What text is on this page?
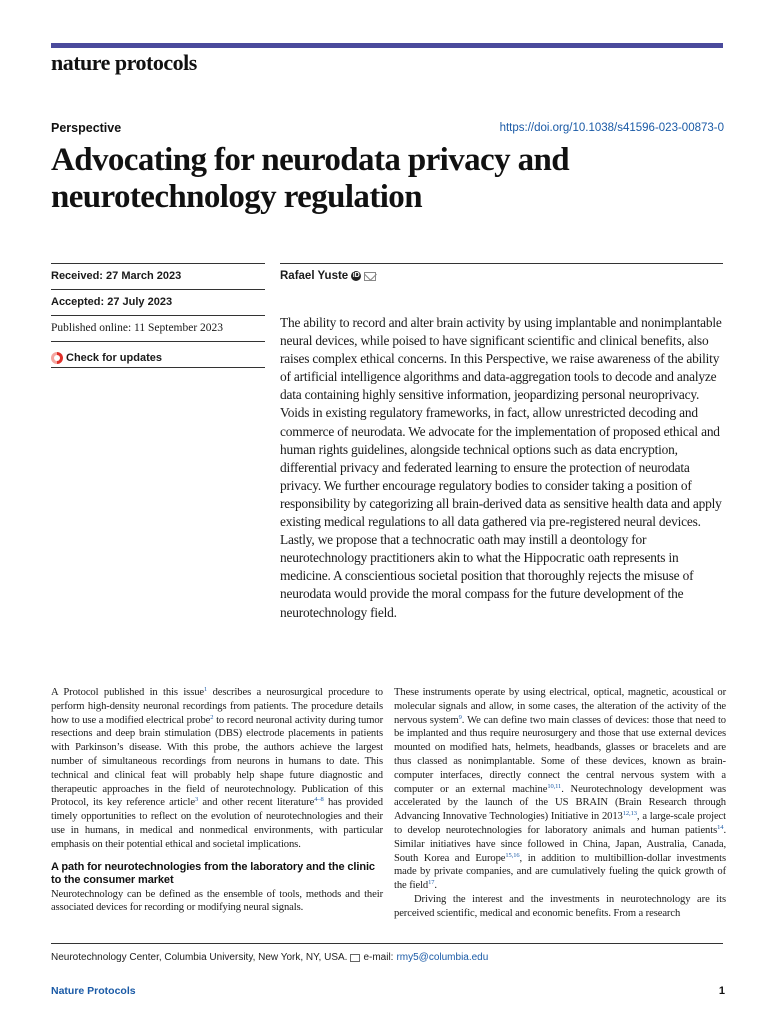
nature protocols
Perspective	https://doi.org/10.1038/s41596-023-00873-0
Advocating for neurodata privacy and neurotechnology regulation
Received: 27 March 2023
Accepted: 27 July 2023
Published online: 11 September 2023
Check for updates
Rafael Yuste iD

The ability to record and alter brain activity by using implantable and nonimplantable neural devices, while poised to have significant scientific and clinical benefits, also raises complex ethical concerns. In this Perspective, we raise awareness of the ability of artificial intelligence algorithms and data-aggregation tools to decode and analyze data containing highly sensitive information, jeopardizing personal neuroprivacy. Voids in existing regulatory frameworks, in fact, allow unrestricted decoding and commerce of neurodata. We advocate for the implementation of proposed ethical and human rights guidelines, alongside technical options such as data encryption, differential privacy and federated learning to ensure the protection of neurodata privacy. We further encourage regulatory bodies to consider taking a position of responsibility by categorizing all brain-derived data as sensitive health data and apply existing medical regulations to all data gathered via pre-registered neural devices. Lastly, we propose that a technocratic oath may instill a deontology for neurotechnology practitioners akin to what the Hippocratic oath represents in medicine. A conscientious societal position that thoroughly rejects the misuse of neurodata would provide the moral compass for the future development of the neurotechnology field.

A Protocol published in this issue$^1$ describes a neurosurgical procedure to perform high-density neuronal recordings from patients. The procedure details how to use a modified electrical probe$^2$ to record neuronal activity during tumor resections and deep brain stimulation (DBS) electrode placements in patients with Parkinson’s disease. With this probe, the authors achieve the largest number of simultaneous recordings from neurons in humans to date. This technical and clinical feat will probably help shape future diagnostic and therapeutic approaches in the field of neurotechnology. Publication of this Protocol, its key reference article$^3$ and other recent literature$^{4-8}$ has provided timely opportunities to reflect on the evolution of neurotechnologies and their use in humans, in medical and nonmedical environments, with particular emphasis on their potential ethical and societal implications.

A path for neurotechnologies from the laboratory and the clinic to the consumer market

Neurotechnology can be defined as the ensemble of tools, methods and their associated devices for recording or modifying neural signals.

These instruments operate by using electrical, optical, magnetic, acoustical or molecular signals and allow, in some cases, the alteration of the activity of the nervous system$^9$. We can define two main classes of devices: those that need to be implanted and thus require neurosurgery and those that use external devices mounted on modified hats, helmets, headbands, glasses or bracelets and are thus classed as nonimplantable. Some of these devices, known as brain-computer interfaces, directly connect the central nervous system with a computer or an external machine$^{10,11}$. Neurotechnology development was accelerated by the launch of the US BRAIN (Brain Research through Advancing Innovative Technologies) Initiative in 2013$^{12,13}$, a large-scale project to develop neurotechnologies for laboratory animals and human patients$^{14}$. Similar initiatives have since followed in China, Japan, Australia, Canada, South Korea and Europe$^{15,16}$, in addition to multibillion-dollar investments made by private companies, and are cumulatively fueling the quick growth of the field$^{17}$.

Driving the interest and the investments in neurotechnology are its perceived scientific, medical and economic benefits. From a research

Neurotechnology Center, Columbia University, New York, NY, USA. e-mail: rmy5@columbia.edu
Nature Protocols	1
